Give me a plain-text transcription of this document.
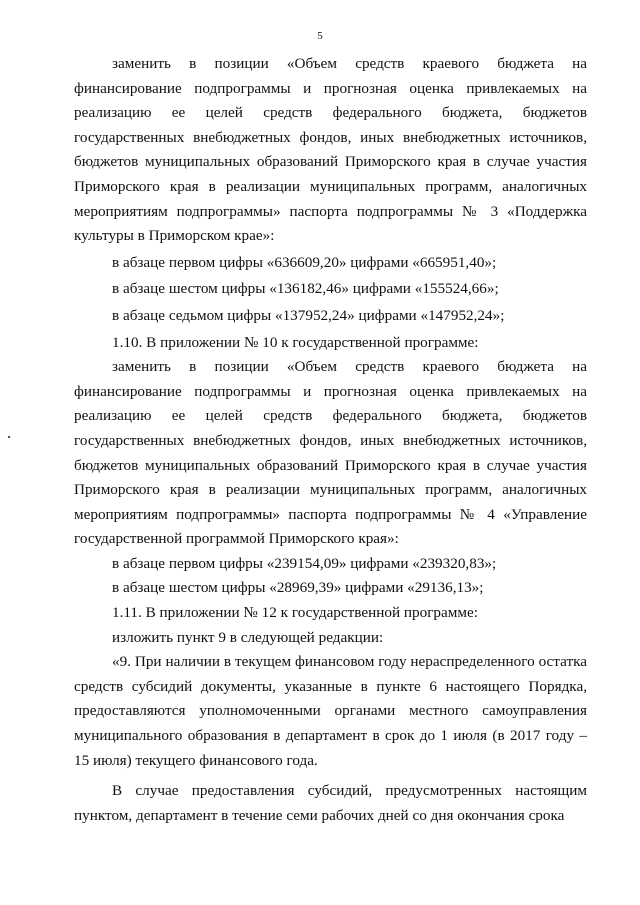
5

заменить в позиции «Объем средств краевого бюджета на финансирование подпрограммы и прогнозная оценка привлекаемых на реализацию ее целей средств федерального бюджета, бюджетов государственных внебюджетных фондов, иных внебюджетных источников, бюджетов муниципальных образований Приморского края в случае участия Приморского края в реализации муниципальных программ, аналогичных мероприятиям подпрограммы» паспорта подпрограммы № 3 «Поддержка культуры в Приморском крае»:

в абзаце первом цифры «636609,20» цифрами «665951,40»;

в абзаце шестом цифры «136182,46» цифрами «155524,66»;

в абзаце седьмом цифры «137952,24» цифрами «147952,24»;

1.10. В приложении № 10 к государственной программе:

заменить в позиции «Объем средств краевого бюджета на финансирование подпрограммы и прогнозная оценка привлекаемых на реализацию ее целей средств федерального бюджета, бюджетов государственных внебюджетных фондов, иных внебюджетных источников, бюджетов муниципальных образований Приморского края в случае участия Приморского края в реализации муниципальных программ, аналогичных мероприятиям подпрограммы» паспорта подпрограммы № 4 «Управление государственной программой Приморского края»:

в абзаце первом цифры «239154,09» цифрами «239320,83»;

в абзаце шестом цифры «28969,39» цифрами «29136,13»;

1.11. В приложении № 12 к государственной программе:

изложить пункт 9 в следующей редакции:

«9. При наличии в текущем финансовом году нераспределенного остатка средств субсидий документы, указанные в пункте 6 настоящего Порядка, предоставляются уполномоченными органами местного самоуправления муниципального образования в департамент в срок до 1 июля (в 2017 году – 15 июля) текущего финансового года.

В случае предоставления субсидий, предусмотренных настоящим пунктом, департамент в течение семи рабочих дней со дня окончания срока
